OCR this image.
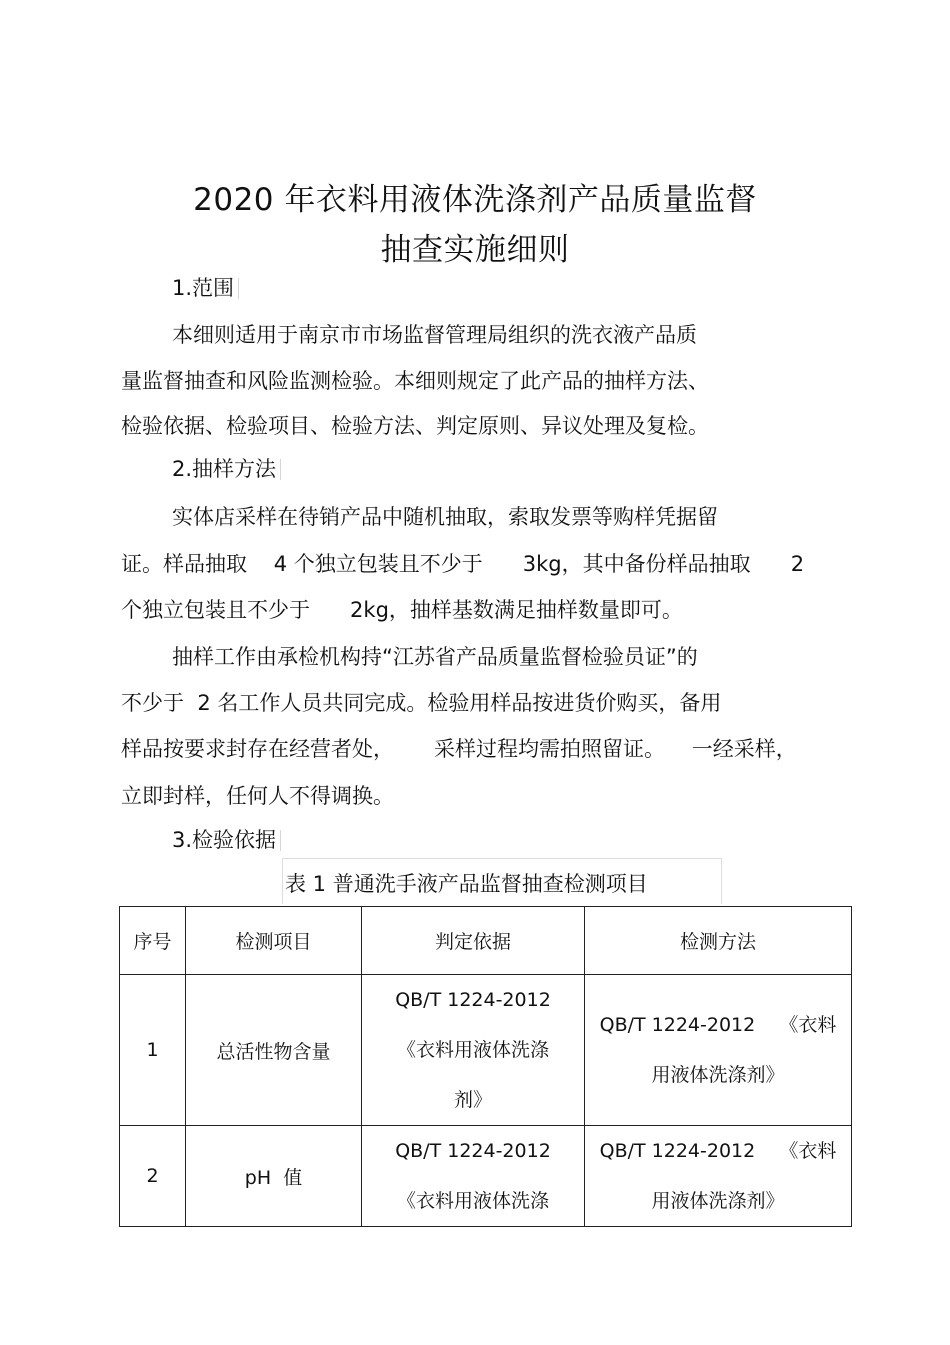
2020 年衣料用液体洗涤剂产品质量监督
抽查实施细则
1.范围
本细则适用于南京市市场监督管理局组织的洗衣液产品质
量监督抽查和风险监测检验。本细则规定了此产品的抽样方法、
检验依据、检验项目、检验方法、判定原则、异议处理及复检。
2.抽样方法
实体店采样在待销产品中随机抽取，索取发票等购样凭据留
证。样品抽取    4 个独立包装且不少于      3kg，其中备份样品抽取      2
个独立包装且不少于      2kg，抽样基数满足抽样数量即可。
抽样工作由承检机构持“江苏省产品质量监督检验员证”的
不少于  2 名工作人员共同完成。检验用样品按进货价购买，备用
样品按要求封存在经营者处，      采样过程均需拍照留证。    一经采样，
立即封样，任何人不得调换。
3.检验依据
表 1 普通洗手液产品监督抽查检测项目
序号	检测项目	判定依据	检测方法
1	总活性物含量	QB/T 1224-2012
《衣料用液体洗涤
剂》	QB/T 1224-2012    《衣料
用液体洗涤剂》

2	pH  值	QB/T 1224-2012
《衣料用液体洗涤	QB/T 1224-2012    《衣料
用液体洗涤剂》
